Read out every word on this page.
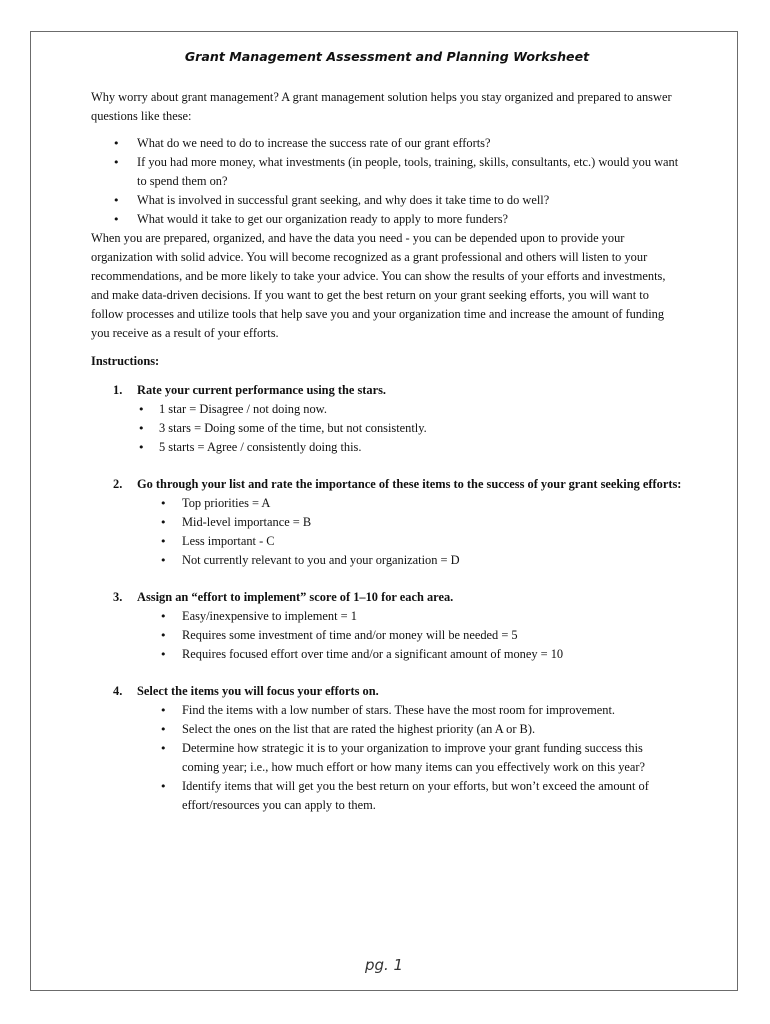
Grant Management Assessment and Planning Worksheet

Why worry about grant management? A grant management solution helps you stay organized and prepared to answer questions like these:

• What do we need to do to increase the success rate of our grant efforts?
• If you had more money, what investments (in people, tools, training, skills, consultants, etc.) would you want to spend them on?
• What is involved in successful grant seeking, and why does it take time to do well?
• What would it take to get our organization ready to apply to more funders?

When you are prepared, organized, and have the data you need - you can be depended upon to provide your organization with solid advice. You will become recognized as a grant professional and others will listen to your recommendations, and be more likely to take your advice. You can show the results of your efforts and investments, and make data-driven decisions. If you want to get the best return on your grant seeking efforts, you will want to follow processes and utilize tools that help save you and your organization time and increase the amount of funding you receive as a result of your efforts.

Instructions:

1. Rate your current performance using the stars.
• 1 star = Disagree / not doing now.
• 3 stars = Doing some of the time, but not consistently.
• 5 starts = Agree / consistently doing this.
2. Go through your list and rate the importance of these items to the success of your grant seeking efforts:
• Top priorities = A
• Mid-level importance = B
• Less important - C
• Not currently relevant to you and your organization = D
3. Assign an “effort to implement” score of 1–10 for each area.
• Easy/inexpensive to implement = 1
• Requires some investment of time and/or money will be needed = 5
• Requires focused effort over time and/or a significant amount of money = 10
4. Select the items you will focus your efforts on.
• Find the items with a low number of stars. These have the most room for improvement.
• Select the ones on the list that are rated the highest priority (an A or B).
• Determine how strategic it is to your organization to improve your grant funding success this coming year; i.e., how much effort or how many items can you effectively work on this year?
• Identify items that will get you the best return on your efforts, but won’t exceed the amount of effort/resources you can apply to them.
pg. 1
